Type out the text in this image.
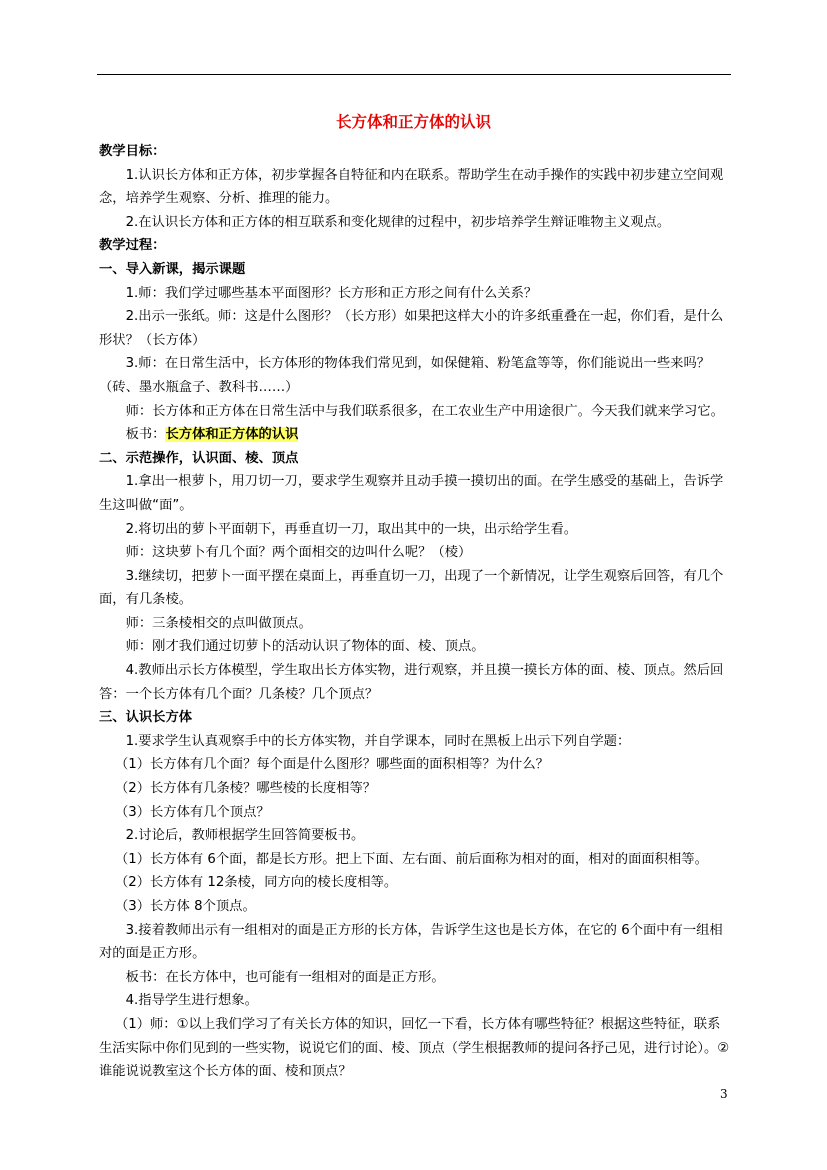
长方体和正方体的认识

教学目标：

1.认识长方体和正方体，初步掌握各自特征和内在联系。帮助学生在动手操作的实践中初步建立空间观念，培养学生观察、分析、推理的能力。

2.在认识长方体和正方体的相互联系和变化规律的过程中，初步培养学生辩证唯物主义观点。

教学过程：

一、导入新课，揭示课题

1.师：我们学过哪些基本平面图形？长方形和正方形之间有什么关系？

2.出示一张纸。师：这是什么图形？（长方形）如果把这样大小的许多纸重叠在一起，你们看，是什么形状？（长方体）

3.师：在日常生活中，长方体形的物体我们常见到，如保健箱、粉笔盒等等，你们能说出一些来吗？（砖、墨水瓶盒子、教科书……）

师：长方体和正方体在日常生活中与我们联系很多，在工农业生产中用途很广。今天我们就来学习它。

板书：长方体和正方体的认识

二、示范操作，认识面、棱、顶点

1.拿出一根萝卜，用刀切一刀，要求学生观察并且动手摸一摸切出的面。在学生感受的基础上，告诉学生这叫做“面”。

2.将切出的萝卜平面朝下，再垂直切一刀，取出其中的一块，出示给学生看。

师：这块萝卜有几个面？两个面相交的边叫什么呢？（棱）

3.继续切，把萝卜一面平摆在桌面上，再垂直切一刀，出现了一个新情况，让学生观察后回答，有几个面，有几条棱。

师：三条棱相交的点叫做顶点。

师：刚才我们通过切萝卜的活动认识了物体的面、棱、顶点。

4.教师出示长方体模型，学生取出长方体实物，进行观察，并且摸一摸长方体的面、棱、顶点。然后回答：一个长方体有几个面？几条棱？几个顶点？

三、认识长方体

1.要求学生认真观察手中的长方体实物，并自学课本，同时在黑板上出示下列自学题：

（1）长方体有几个面？每个面是什么图形？哪些面的面积相等？为什么？

（2）长方体有几条棱？哪些棱的长度相等？

（3）长方体有几个顶点？

2.讨论后，教师根据学生回答简要板书。

（1）长方体有 6个面，都是长方形。把上下面、左右面、前后面称为相对的面，相对的面面积相等。

（2）长方体有 12条棱，同方向的棱长度相等。

（3）长方体 8个顶点。

3.接着教师出示有一组相对的面是正方形的长方体，告诉学生这也是长方体，在它的 6个面中有一组相对的面是正方形。

板书：在长方体中，也可能有一组相对的面是正方形。

4.指导学生进行想象。

（1）师：①以上我们学习了有关长方体的知识，回忆一下看，长方体有哪些特征？根据这些特征，联系生活实际中你们见到的一些实物，说说它们的面、棱、顶点（学生根据教师的提问各抒己见，进行讨论）。②谁能说说教室这个长方体的面、棱和顶点？

3
